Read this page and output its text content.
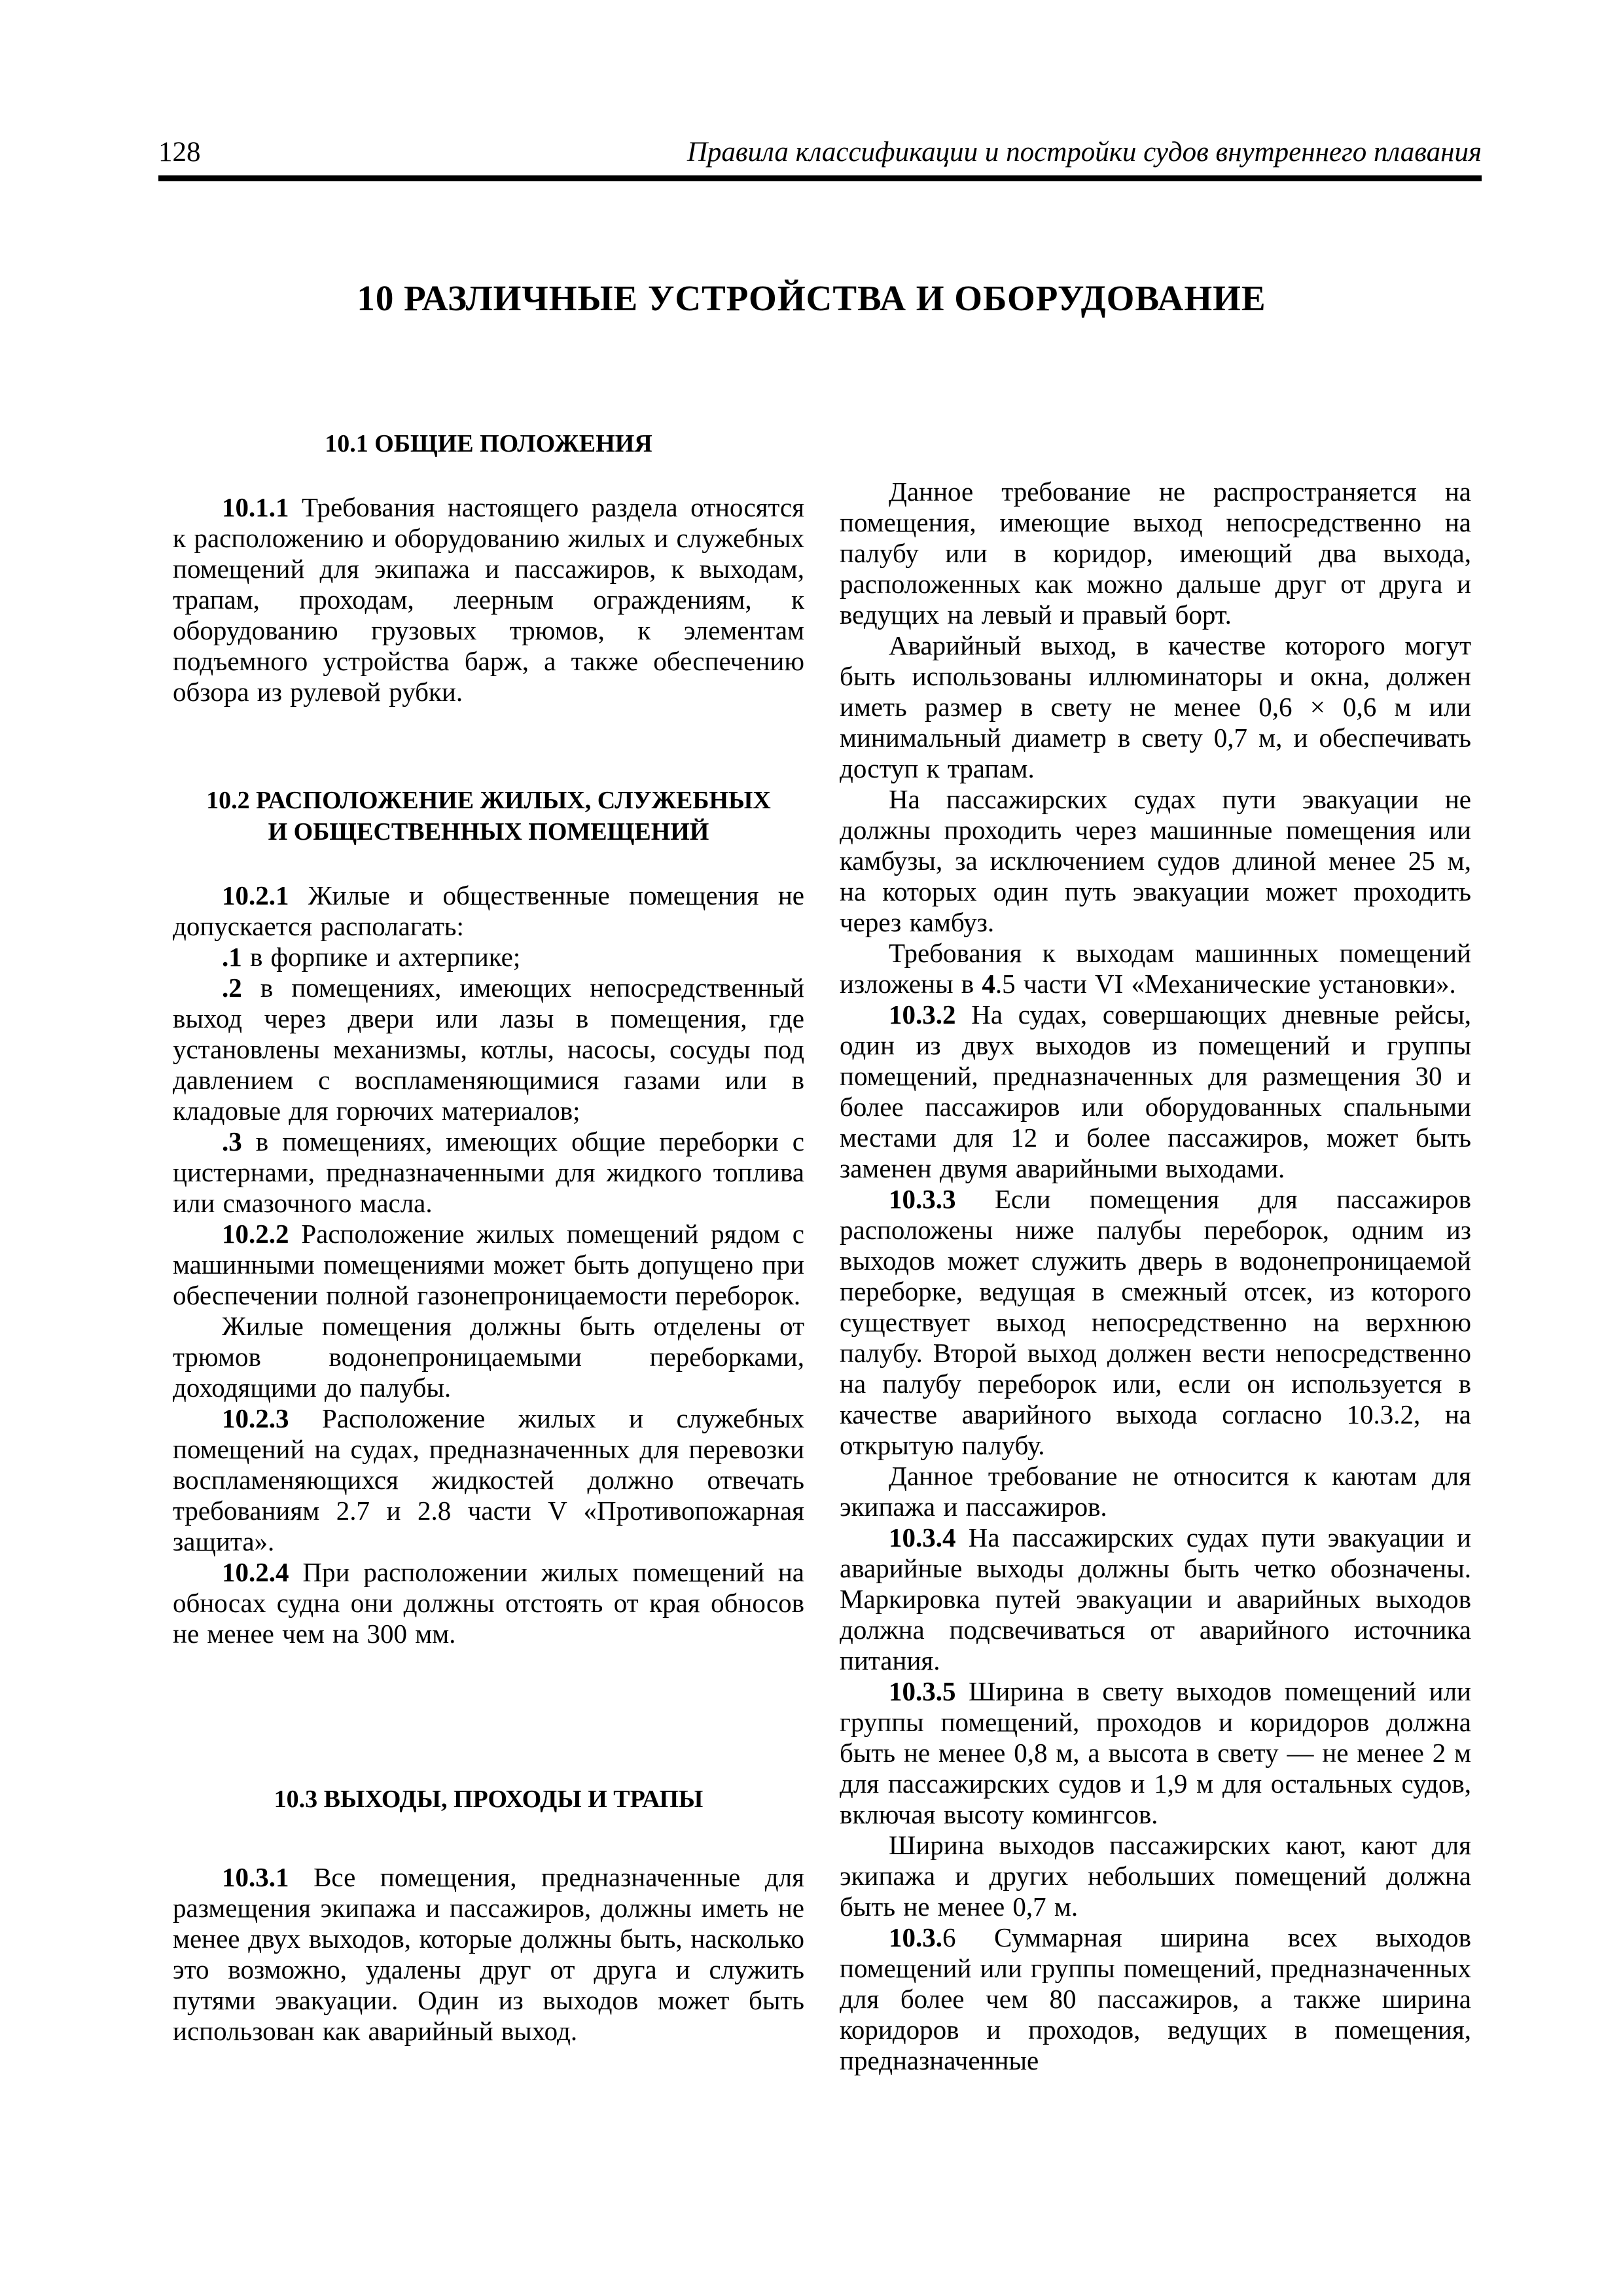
128	Правила классификации и постройки судов внутреннего плавания
10 РАЗЛИЧНЫЕ УСТРОЙСТВА И ОБОРУДОВАНИЕ
10.1 ОБЩИЕ ПОЛОЖЕНИЯ

10.1.1 Требования настоящего раздела относятся к расположению и оборудованию жилых и служебных помещений для экипажа и пассажиров, к выходам, трапам, проходам, леерным ограждениям, к оборудованию грузовых трюмов, к элементам подъемного устройства барж, а также обеспечению обзора из рулевой рубки.

10.2 РАСПОЛОЖЕНИЕ ЖИЛЫХ, СЛУЖЕБНЫХ
И ОБЩЕСТВЕННЫХ ПОМЕЩЕНИЙ

10.2.1 Жилые и общественные помещения не допускается располагать:

.1 в форпике и ахтерпике;

.2 в помещениях, имеющих непосредственный выход через двери или лазы в помещения, где установлены механизмы, котлы, насосы, сосуды под давлением с воспламеняющимися газами или в кладовые для горючих материалов;

.3 в помещениях, имеющих общие переборки с цистернами, предназначенными для жидкого топлива или смазочного масла.

10.2.2 Расположение жилых помещений рядом с машинными помещениями может быть допущено при обеспечении полной газонепроницаемости переборок.

Жилые помещения должны быть отделены от трюмов водонепроницаемыми переборками, доходящими до палубы.

10.2.3 Расположение жилых и служебных помещений на судах, предназначенных для перевозки воспламеняющихся жидкостей должно отвечать требованиям 2.7 и 2.8 части V «Противопожарная защита».

10.2.4 При расположении жилых помещений на обносах судна они должны отстоять от края обносов не менее чем на 300 мм.

10.3 ВЫХОДЫ, ПРОХОДЫ И ТРАПЫ

10.3.1 Все помещения, предназначенные для размещения экипажа и пассажиров, должны иметь не менее двух выходов, которые должны быть, насколько это возможно, удалены друг от друга и служить путями эвакуации. Один из выходов может быть использован как аварийный выход.

Данное требование не распространяется на помещения, имеющие выход непосредственно на палубу или в коридор, имеющий два выхода, расположенных как можно дальше друг от друга и ведущих на левый и правый борт.

Аварийный выход, в качестве которого могут быть использованы иллюминаторы и окна, должен иметь размер в свету не менее 0,6 × 0,6 м или минимальный диаметр в свету 0,7 м, и обеспечивать доступ к трапам.

На пассажирских судах пути эвакуации не должны проходить через машинные помещения или камбузы, за исключением судов длиной менее 25 м, на которых один путь эвакуации может проходить через камбуз.

Требования к выходам машинных помещений изложены в 4.5 части VI «Механические установки».

10.3.2 На судах, совершающих дневные рейсы, один из двух выходов из помещений и группы помещений, предназначенных для размещения 30 и более пассажиров или оборудованных спальными местами для 12 и более пассажиров, может быть заменен двумя аварийными выходами.

10.3.3 Если помещения для пассажиров расположены ниже палубы переборок, одним из выходов может служить дверь в водонепроницаемой переборке, ведущая в смежный отсек, из которого существует выход непосредственно на верхнюю палубу. Второй выход должен вести непосредственно на палубу переборок или, если он используется в качестве аварийного выхода согласно 10.3.2, на открытую палубу.

Данное требование не относится к каютам для экипажа и пассажиров.

10.3.4 На пассажирских судах пути эвакуации и аварийные выходы должны быть четко обозначены. Маркировка путей эвакуации и аварийных выходов должна подсвечиваться от аварийного источника питания.

10.3.5 Ширина в свету выходов помещений или группы помещений, проходов и коридоров должна быть не менее 0,8 м, а высота в свету — не менее 2 м для пассажирских судов и 1,9 м для остальных судов, включая высоту комингсов.

Ширина выходов пассажирских кают, кают для экипажа и других небольших помещений должна быть не менее 0,7 м.

10.3.6 Суммарная ширина всех выходов помещений или группы помещений, предназначенных для более чем 80 пассажиров, а также ширина коридоров и проходов, ведущих в помещения, предназначенные
